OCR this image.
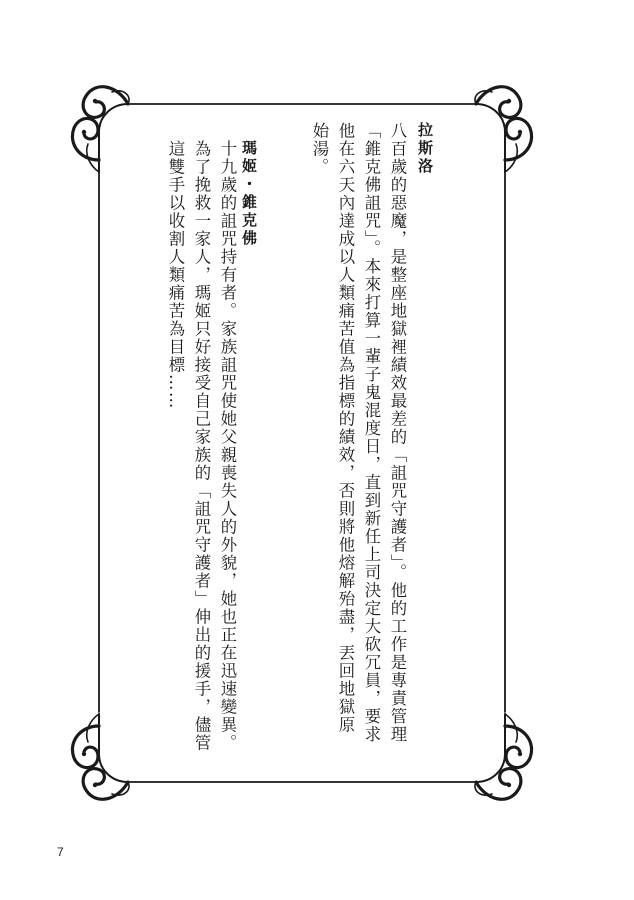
拉斯洛
八百歲的惡魔，是整座地獄裡績效最差的「詛咒守護者」。他的工作是專責管理
「錐克佛詛咒」。本來打算一輩子鬼混度日，直到新任上司決定大砍冗員，要求
他在六天內達成以人類痛苦值為指標的績效，否則將他熔解殆盡，丟回地獄原
始湯。
瑪姬・錐克佛
十九歲的詛咒持有者。家族詛咒使她父親喪失人的外貌，她也正在迅速變異。
為了挽救一家人，瑪姬只好接受自己家族的「詛咒守護者」伸出的援手，儘管
這雙手以收割人類痛苦為目標……
7
